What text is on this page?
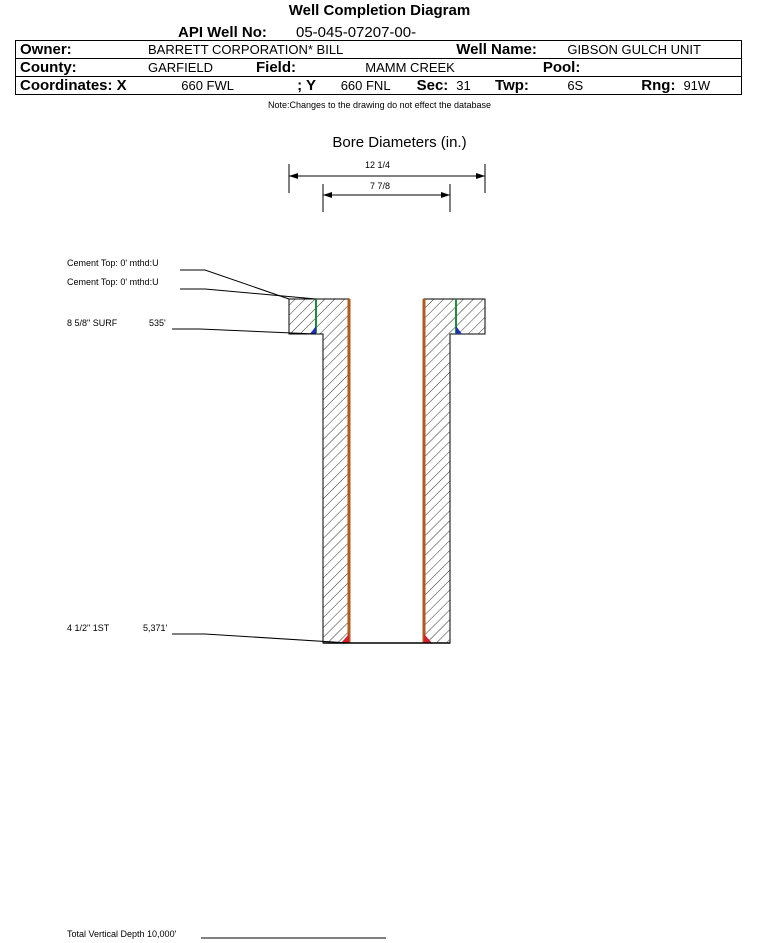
Well Completion Diagram
API Well No: 05-045-07207-00-
Owner:	BARRETT CORPORATION* BILL					Well Name:		GIBSON GULCH UNIT			
County:	GARFIELD	Field:		MAMM CREEK			Pool:				
Coordinates: X	660 FWL	; Y	660 FNL		Sec:	31	Twp:	6S		Rng:	91W
Note:Changes to the drawing do not effect the database
Bore Diameters (in.)
12 1/4
7 7/8
Cement Top: 0' mthd:U
Cement Top: 0' mthd:U
8 5/8" SURF	535'
4 1/2" 1ST	5,371'
Total Vertical Depth 10,000'
